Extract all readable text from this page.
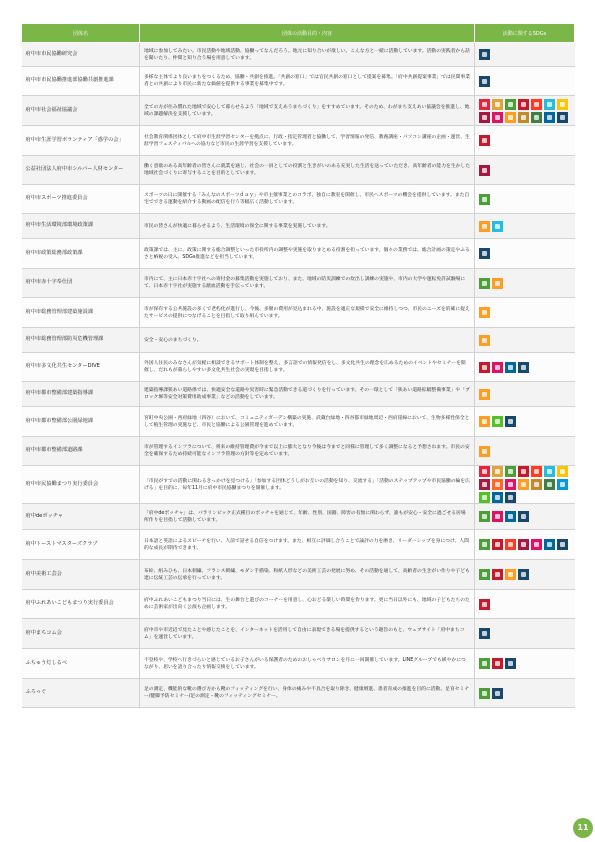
団体名	団体の活動目的・内容	活動に関するSDGs
府中市市民協働研究会	地域に参加してみたい。市民活動や地域活動、協働ってなんだろう。地元に知り合いが欲しい。こんな方と一緒に活動しています。活動の実践者から話を聞いたり、仲間と知り合う場を用意しています。	

府中市市民協働推進部協働共創推進課	多様な主体でより良いまちをつくるため、協働・共創を推進。「共創の窓口」では官民共創の窓口として提案を募集。「府中共創提案事業」では民間事業者との共創により市民に新たな価値を提供する事業を募集中です。	

府中市社会福祉協議会	全ての方が住み慣れた地域で安心して暮らせるよう「地域で支えあうまちづくり」をすすめています。そのため、わがまち支えあい協議会を推進し、地域の課題解決を支援しています。	

府中市生涯学習ボランティア「惑学の会」	社会教育関係団体として府中市生涯学習センターを拠点に、行政・指定管理者と協働して、学習情報の発信、教養講座・パソコン講座の企画・運営、生涯学習フェスティバルへの協力など市民の生涯学習を支援しています。	

公益社団法人府中市シルバー人材センター	働く意欲のある高年齢者の皆さんに就業を通じ、社会の一員としての役割と生きがいのある充実した生活を送っていただき、高年齢者の能力を生かした地域社会づくりに寄与することを目的としています。	

府中市スポーツ推進委員会	スポーツの日に開催する「みんなのスポーツｄａｙ」や市主催事業とのコラボ、独自に教室を開催し、市民へスポーツの機会を提供しています。また自宅でできる運動を紹介する動画の配信を行う等幅広く活動しています。	

府中市生活環境部環境政策課	市民の皆さんが快適に暮らせるよう、生活環境の保全に関する事業を実施しています。	

府中市政策総務部政策課	政策課では、主に、政策に関する総合調整といった市役所内の調整や実施を取りまとめる役割を担っています。個々の業務では、総合計画の策定やふるさと納税の受入、SDGs推進などを担当しています。	

府中市赤十字奉仕団	市内にて、主に日本赤十字社への寄付金の募集活動を実施しており、また、地域の防災訓練での炊出し訓練の実施や、市内の大学や運転免許試験場にて、日本赤十字社が実施する献血活動を手伝っています。	

府中市総務管理部建築施設課	市が保有する公共施設の多くで老朽化が進行し、今後、多額の費用が見込まれる中、施設を適正な規模で安全に維持しつつ、市民のニーズを的確に捉えたサービスの提供につなげることを目指して取り組んでいます。	

府中市総務管理部防災危機管理課	安全・安心のまちづくり。	

府中市多文化共生センターDIVE	外国人住民のみなさんが気軽に相談できるサポート体制を整え、多言語での情報発信をし、多文化共生の理念を広めるためのイベントやセミナーを開催し、だれもが暮らしやすい多文化共生社会の実現を目指します。	

府中市都市整備部建築指導課	建築指導課狭あい道路係では、快適安全な道路や災害時に緊急活動できる道づくりを行っています。その一環として「狭あい道路拡幅整備事業」や「ブロック塀等安全対策費用助成事業」などの活動をしています。	

府中市都市整備部公園緑地課	宮町中央公園・西府緑地（四谷）において、コミュニティガーデン構築の実施、武蔵台緑地・四谷都市緑地周辺・西府崖線において、生物多様性保全として植生管理の実施など、市民と協働による公園管理を進めています。	

府中市都市整備部道路課	市が管理するインフラについて、将来の維持管理費が今まで以上に膨大となり今後は今までと同様に管理して多く調整になると予想されます。市民の安全を確保するため持続可能なインフラ管理の方針等を定めています。	

府中市民協働まつり実行委員会	「市民がすでの活動に関わるきっかけを見つける」「参加する団体どうしがお互いの活動を知り、交流する」「活動のステップアップや市民協働の輪を広げる」を目的に、毎年11月に府中市民協働まつりを開催します。	

府中deボッチャ	「府中deボッチャ」は、パラリンピック正式種目のボッチャを通じて、年齢、性別、国籍、障害の有無に関わらず、誰もが安心・安全に過ごせる居場所作りを目指して活動しています。	

府中トーストマスターズクラブ	日本語と英語によるスピーチを行い、人前で話せる自信をつけます。また、相互に評価し合うことで論評の力を磨き、リーダーシップを身につけ、人間的な成長が期待できます。	

府中美術工芸会	布絵、組みひも、日本刺繍、フランス刺繍、モダン手描染、和紙人形などの美術工芸の発展に努め、その活動を通して、高齢者の生きがい作りや子ども達に伝統工芸の伝承を行っています。	

府中ふれあいこどもまつり実行委員会	府中ふれあいこどもまつり当日には、生の舞台と遊びのコーナーを用意し、心おどる楽しい時間を作ります。更に当日以外にも、地域の子どもたちのために芸術家が出向く公演も企画します。	

府中まちコム会	府中市や市近辺で見たことや感じたことを、インターネットを活用して自由に表現できる場を提供するという趣旨のもと、ウェブサイト「府中まちコム」を運営しています。	

ふちゅう灯しるべ	不登校や、学校へ行きづらいと感じているお子さんがいる保護者のためのおしゃべりサロンを月に一回開催しています。LINEグループでも緩やかにつながり、思いを語り合ったり情報交換をしています。	

ふろっぐ	足の測定、機能的な靴の選び方から靴のフィッティングを行い、身体の痛みや不具合を取り除き、健康増進、患者育成の推進を目的に活動。足育セミナー/健脚予防セミナー/足の測定・靴のフィッティングセミナー。	
11
